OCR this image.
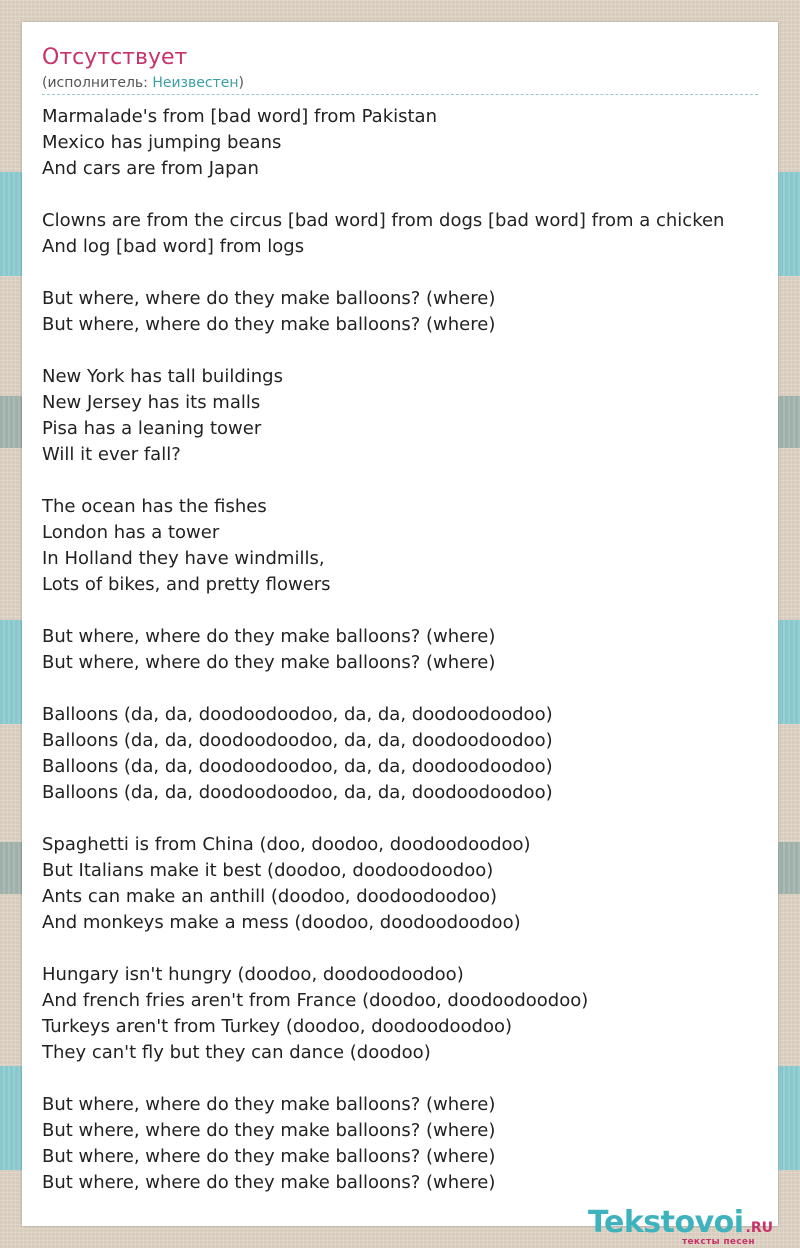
Отсутствует
(исполнитель: Неизвестен)
Marmalade's from [bad word] from Pakistan
Mexico has jumping beans
And cars are from Japan
Clowns are from the circus [bad word] from dogs [bad word] from a chicken
And log [bad word] from logs
But where, where do they make balloons? (where)
But where, where do they make balloons? (where)
New York has tall buildings
New Jersey has its malls
Pisa has a leaning tower
Will it ever fall?
The ocean has the fishes
London has a tower
In Holland they have windmills,
Lots of bikes, and pretty flowers
But where, where do they make balloons? (where)
But where, where do they make balloons? (where)
Balloons (da, da, doodoodoodoo, da, da, doodoodoodoo)
Balloons (da, da, doodoodoodoo, da, da, doodoodoodoo)
Balloons (da, da, doodoodoodoo, da, da, doodoodoodoo)
Balloons (da, da, doodoodoodoo, da, da, doodoodoodoo)
Spaghetti is from China (doo, doodoo, doodoodoodoo)
But Italians make it best (doodoo, doodoodoodoo)
Ants can make an anthill (doodoo, doodoodoodoo)
And monkeys make a mess (doodoo, doodoodoodoo)
Hungary isn't hungry (doodoo, doodoodoodoo)
And french fries aren't from France (doodoo, doodoodoodoo)
Turkeys aren't from Turkey (doodoo, doodoodoodoo)
They can't fly but they can dance (doodoo)
But where, where do they make balloons? (where)
But where, where do they make balloons? (where)
But where, where do they make balloons? (where)
But where, where do they make balloons? (where)
Tekstovoi .RU
тексты песен
